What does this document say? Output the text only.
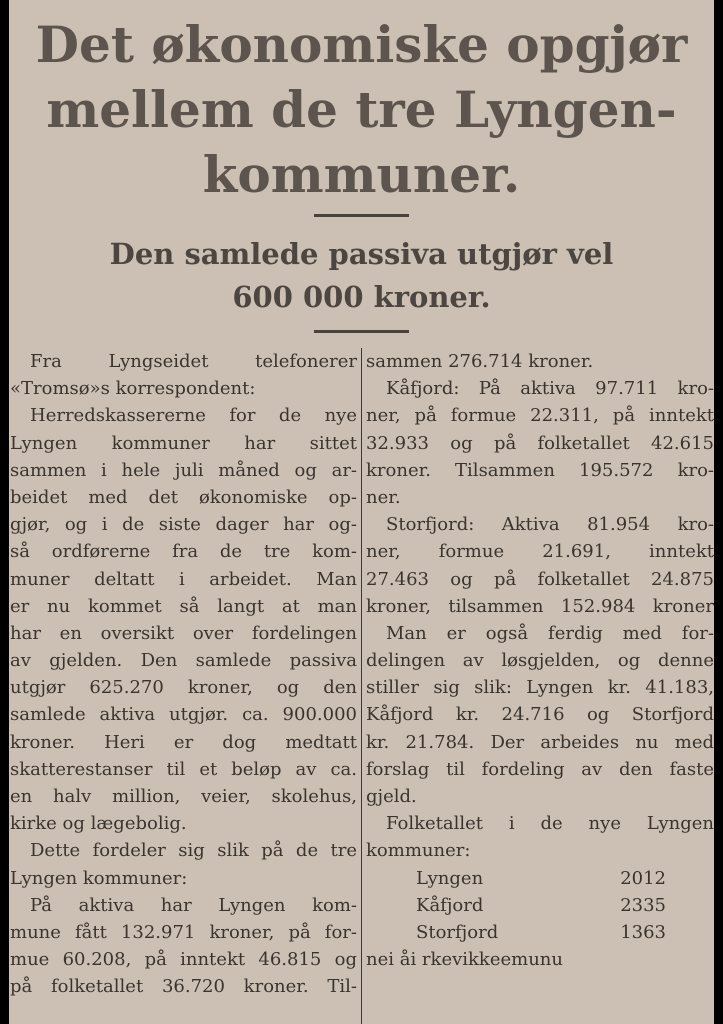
Det økonomiske opgjør
mellem de tre Lyngen-
kommuner.
Den samlede passiva utgjør vel
600 000 kroner.
Fra Lyngseidet telefonerer
«Tromsø»s korrespondent:
Herredskassererne for de nye
Lyngen kommuner har sittet
sammen i hele juli måned og ar-
beidet med det økonomiske op-
gjør, og i de siste dager har og-
så ordførerne fra de tre kom-
muner deltatt i arbeidet. Man
er nu kommet så langt at man
har en oversikt over fordelingen
av gjelden. Den samlede passiva
utgjør 625.270 kroner, og den
samlede aktiva utgjør. ca. 900.000
kroner. Heri er dog medtatt
skatterestanser til et beløp av ca.
en halv million, veier, skolehus,
kirke og lægebolig.
Dette fordeler sig slik på de tre
Lyngen kommuner:
På aktiva har Lyngen kom-
mune fått 132.971 kroner, på for-
mue 60.208, på inntekt 46.815 og
på folketallet 36.720 kroner. Til-
sammen 276.714 kroner.
Kåfjord: På aktiva 97.711 kro-
ner, på formue 22.311, på inntekt
32.933 og på folketallet 42.615
kroner. Tilsammen 195.572 kro-
ner.
Storfjord: Aktiva 81.954 kro-
ner, formue 21.691, inntekt
27.463 og på folketallet 24.875
kroner, tilsammen 152.984 kroner
Man er også ferdig med for-
delingen av løsgjelden, og denne
stiller sig slik: Lyngen kr. 41.183,
Kåfjord kr. 24.716 og Storfjord
kr. 21.784. Der arbeides nu med
forslag til fordeling av den faste
gjeld.
Folketallet i de nye Lyngen
kommuner:
Lyngen	2012
Kåfjord	2335
Storfjord	1363
nei åi rkevikkeemunu
